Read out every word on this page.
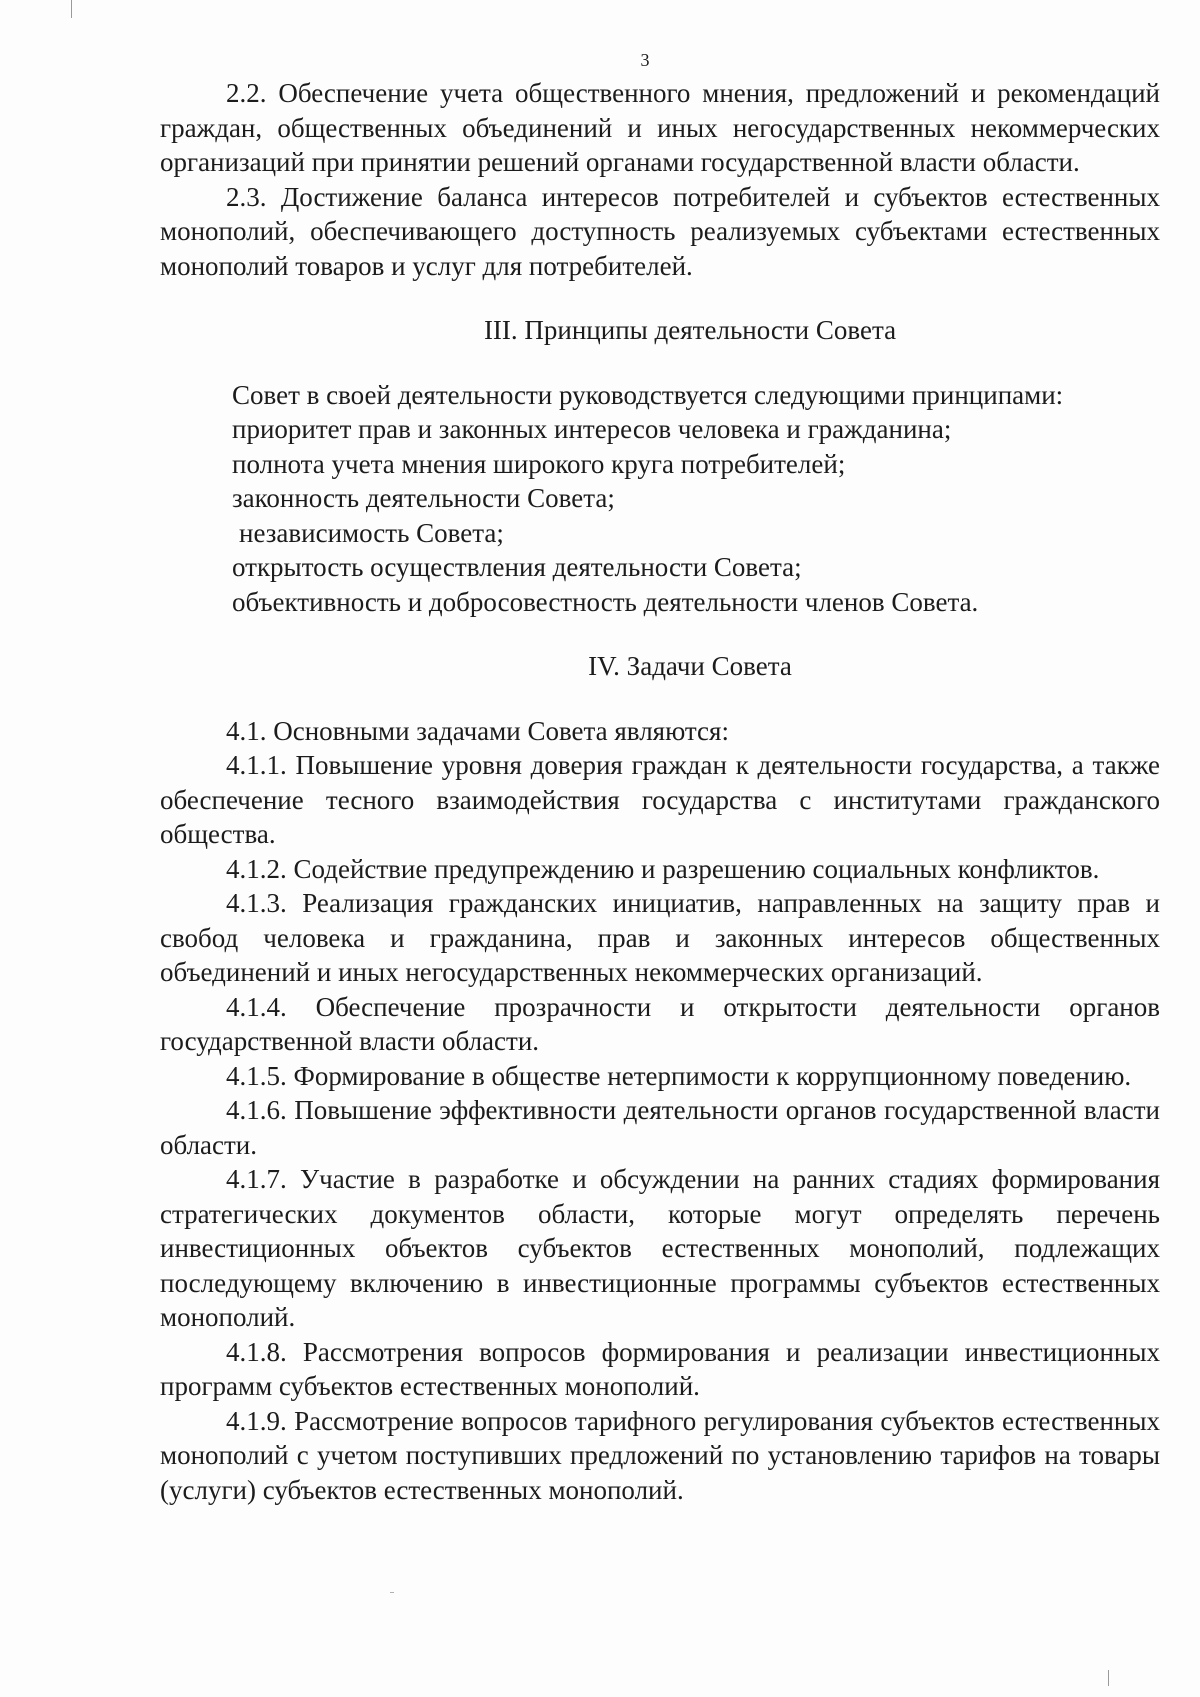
3

2.2. Обеспечение учета общественного мнения, предложений и рекомендаций граждан, общественных объединений и иных негосударственных некоммерческих организаций при принятии решений органами государственной власти области.

2.3. Достижение баланса интересов потребителей и субъектов естественных монополий, обеспечивающего доступность реализуемых субъектами естественных монополий товаров и услуг для потребителей.

III. Принципы деятельности Совета

Совет в своей деятельности руководствуется следующими принципами:

приоритет прав и законных интересов человека и гражданина;

полнота учета мнения широкого круга потребителей;

законность деятельности Совета;

независимость Совета;

открытость осуществления деятельности Совета;

объективность и добросовестность деятельности членов Совета.

IV. Задачи Совета

4.1. Основными задачами Совета являются:

4.1.1. Повышение уровня доверия граждан к деятельности государства, а также обеспечение тесного взаимодействия государства с институтами гражданского общества.

4.1.2. Содействие предупреждению и разрешению социальных конфликтов.

4.1.3. Реализация гражданских инициатив, направленных на защиту прав и свобод человека и гражданина, прав и законных интересов общественных объединений и иных негосударственных некоммерческих организаций.

4.1.4. Обеспечение прозрачности и открытости деятельности органов государственной власти области.

4.1.5. Формирование в обществе нетерпимости к коррупционному поведению.

4.1.6. Повышение эффективности деятельности органов государственной власти области.

4.1.7. Участие в разработке и обсуждении на ранних стадиях формирования стратегических документов области, которые могут определять перечень инвестиционных объектов субъектов естественных монополий, подлежащих последующему включению в инвестиционные программы субъектов естественных монополий.

4.1.8. Рассмотрения вопросов формирования и реализации инвестиционных программ субъектов естественных монополий.

4.1.9. Рассмотрение вопросов тарифного регулирования субъектов естественных монополий с учетом поступивших предложений по установлению тарифов на товары (услуги) субъектов естественных монополий.
